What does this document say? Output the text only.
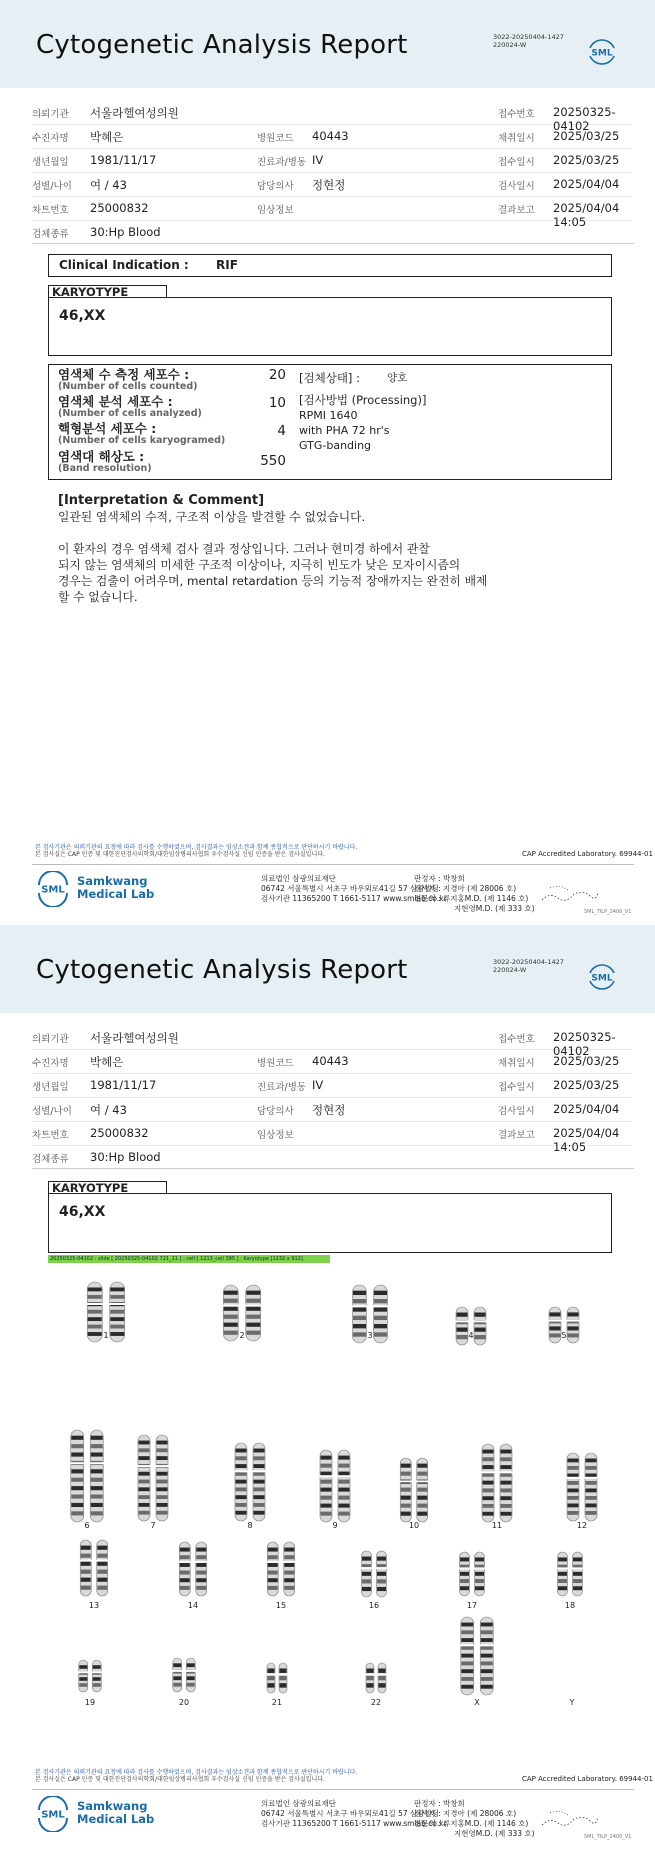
Cytogenetic Analysis Report	3022-20250404-1427
220024-W
SML
의뢰기관 서울라헬여성의원	접수번호 20250325-04102
수진자명 박혜은	병원코드 40443	채취일시 2025/03/25
생년월일 1981/11/17	진료과/병동 IV	접수일시 2025/03/25
성별/나이 여 / 43	담당의사 정현정	검사일시 2025/04/04
차트번호 25000832	임상정보	결과보고 2025/04/04 14:05
검체종류 30:Hp Blood
Clinical Indication : RIF
KARYOTYPE
46,XX
염색체 수 측정 세포수 :
(Number of cells counted)
20
염색체 분석 세포수 :
(Number of cells analyzed)
10
핵형분석 세포수 :
(Number of cells karyogramed)
4
염색대 해상도 :
(Band resolution)	550
[검체상태] :	양호
[검사방법 (Processing)]
RPMI 1640
with PHA 72 hr's
GTG-banding
[Interpretation & Comment]
일관된 염색체의 수적, 구조적 이상을 발견할 수 없었습니다.
이 환자의 경우 염색체 검사 결과 정상입니다. 그러나 현미경 하에서 관찰
되지 않는 염색체의 미세한 구조적 이상이나, 지극히 빈도가 낮은 모자이시즘의
경우는 검출이 어려우며, mental retardation 등의 기능적 장애까지는 완전히 배제
할 수 없습니다.
본 검사기관은 의뢰기관의 요청에 따라 검사를 수행하였으며, 검사결과는 임상소견과 함께 종합적으로 판단하시기 바랍니다.
본 검사실은 CAP 인증 및 대한진단검사의학회/대한임상병리사협회 우수검사실 신임 인증을 받은 검사실입니다.	CAP Accredited Laboratory. 69944-01
SML
Samkwang
Medical Lab
의료법인 삼광의료재단
06742 서울특별시 서초구 바우뫼로41길 57 삼광빌딩
검사기관 11365200 T 1661-5117 www.smlab.co.kr
판정자 : 박창희
검사자 : 지경아 (제 28006 호)
전문의 : 류지홍M.D. (제 1146 호)
지현영M.D. (제 333 호)	SML_TILP_2400_V1
Cytogenetic Analysis Report	3022-20250404-1427
220024-W
SML
의뢰기관 서울라헬여성의원	접수번호 20250325-04102
수진자명 박혜은	병원코드 40443	채취일시 2025/03/25
생년월일 1981/11/17	진료과/병동 IV	접수일시 2025/03/25
성별/나이 여 / 43	담당의사 정현정	검사일시 2025/04/04
차트번호 25000832	임상정보	결과보고 2025/04/04 14:05
검체종류 30:Hp Blood
KARYOTYPE
46,XX
본 검사기관은 의뢰기관의 요청에 따라 검사를 수행하였으며, 검사결과는 임상소견과 함께 종합적으로 판단하시기 바랍니다.
본 검사실은 CAP 인증 및 대한진단검사의학회/대한임상병리사협회 우수검사실 신임 인증을 받은 검사실입니다.	CAP Accredited Laboratory. 69944-01
SML
Samkwang
Medical Lab
의료법인 삼광의료재단
06742 서울특별시 서초구 바우뫼로41길 57 삼광빌딩
검사기관 11365200 T 1661-5117 www.smlab.co.kr
판정자 : 박창희
검사자 : 지경아 (제 28006 호)
전문의 : 류지홍M.D. (제 1146 호)
지현영M.D. (제 333 호)	SML_TILP_2400_V1
20250325-04102 : slide [ 20250325-04102 721_11 ] : cell [ 1213_cell 395 ] : Karyotype [1232 x 912]
1	2	3	4	5
6	7	8	9	10	11	12
13	14	15	16	17	18
19	20	21	22	X	Y
